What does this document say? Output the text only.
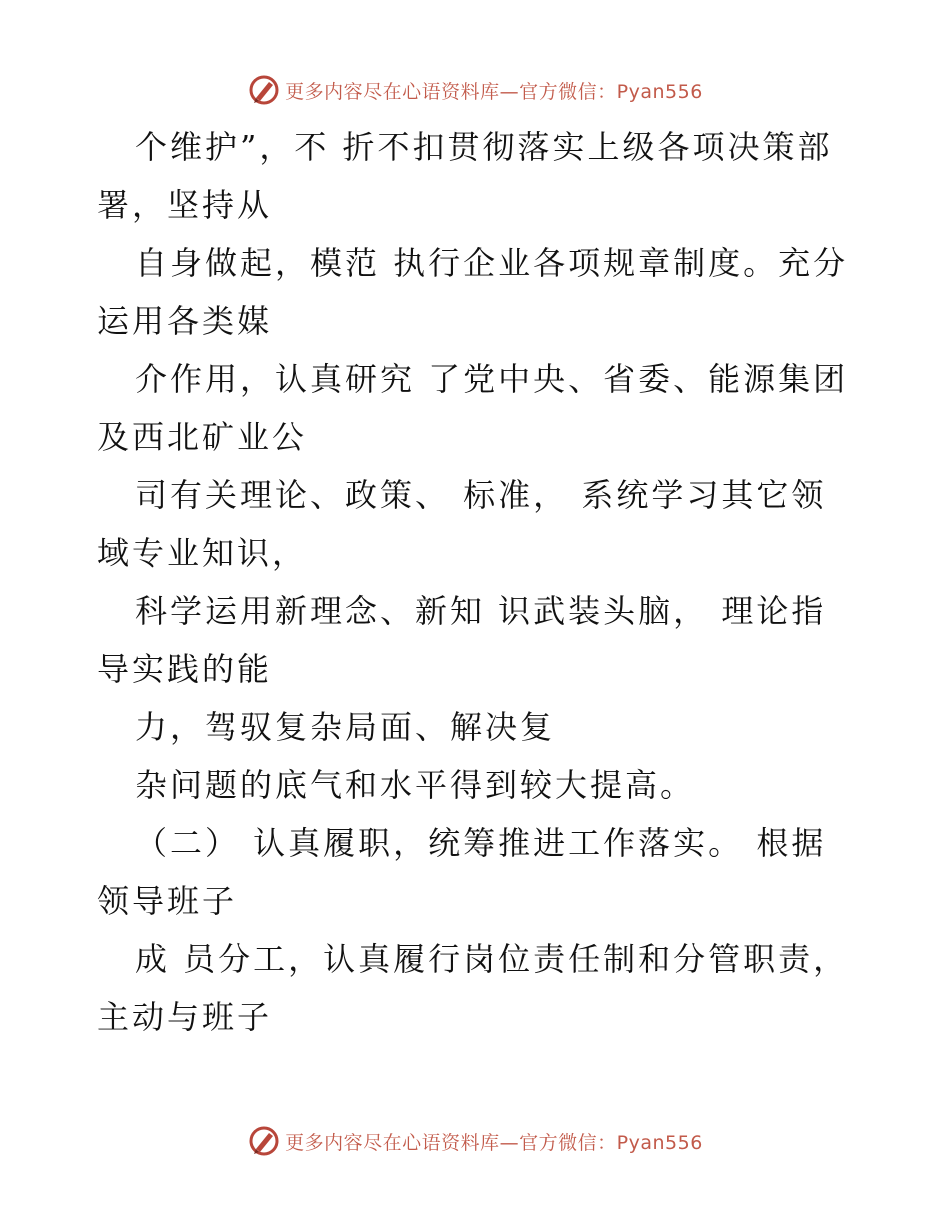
更多内容尽在心语资料库—官方微信：Pyan556

个维护”，不 折不扣贯彻落实上级各项决策部署，坚持从

自身做起，模范 执行企业各项规章制度。充分运用各类媒

介作用，认真研究 了党中央、省委、能源集团及西北矿业公

司有关理论、政策、 标准， 系统学习其它领域专业知识，

科学运用新理念、新知 识武装头脑， 理论指导实践的能

力，驾驭复杂局面、解决复

杂问题的底气和水平得到较大提高。

（二） 认真履职，统筹推进工作落实。 根据领导班子

成 员分工，认真履行岗位责任制和分管职责，主动与班子

更多内容尽在心语资料库—官方微信：Pyan556
